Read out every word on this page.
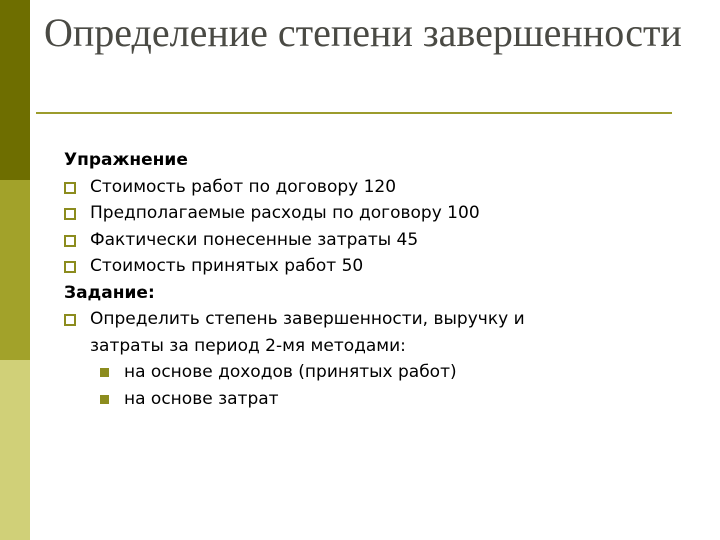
Определение степени завершенности
Упражнение
Стоимость работ по договору 120
Предполагаемые расходы по договору 100
Фактически понесенные затраты 45
Стоимость принятых работ 50
Задание:
Определить степень завершенности, выручку и
затраты за период 2-мя методами:
на основе доходов (принятых работ)
на основе затрат
